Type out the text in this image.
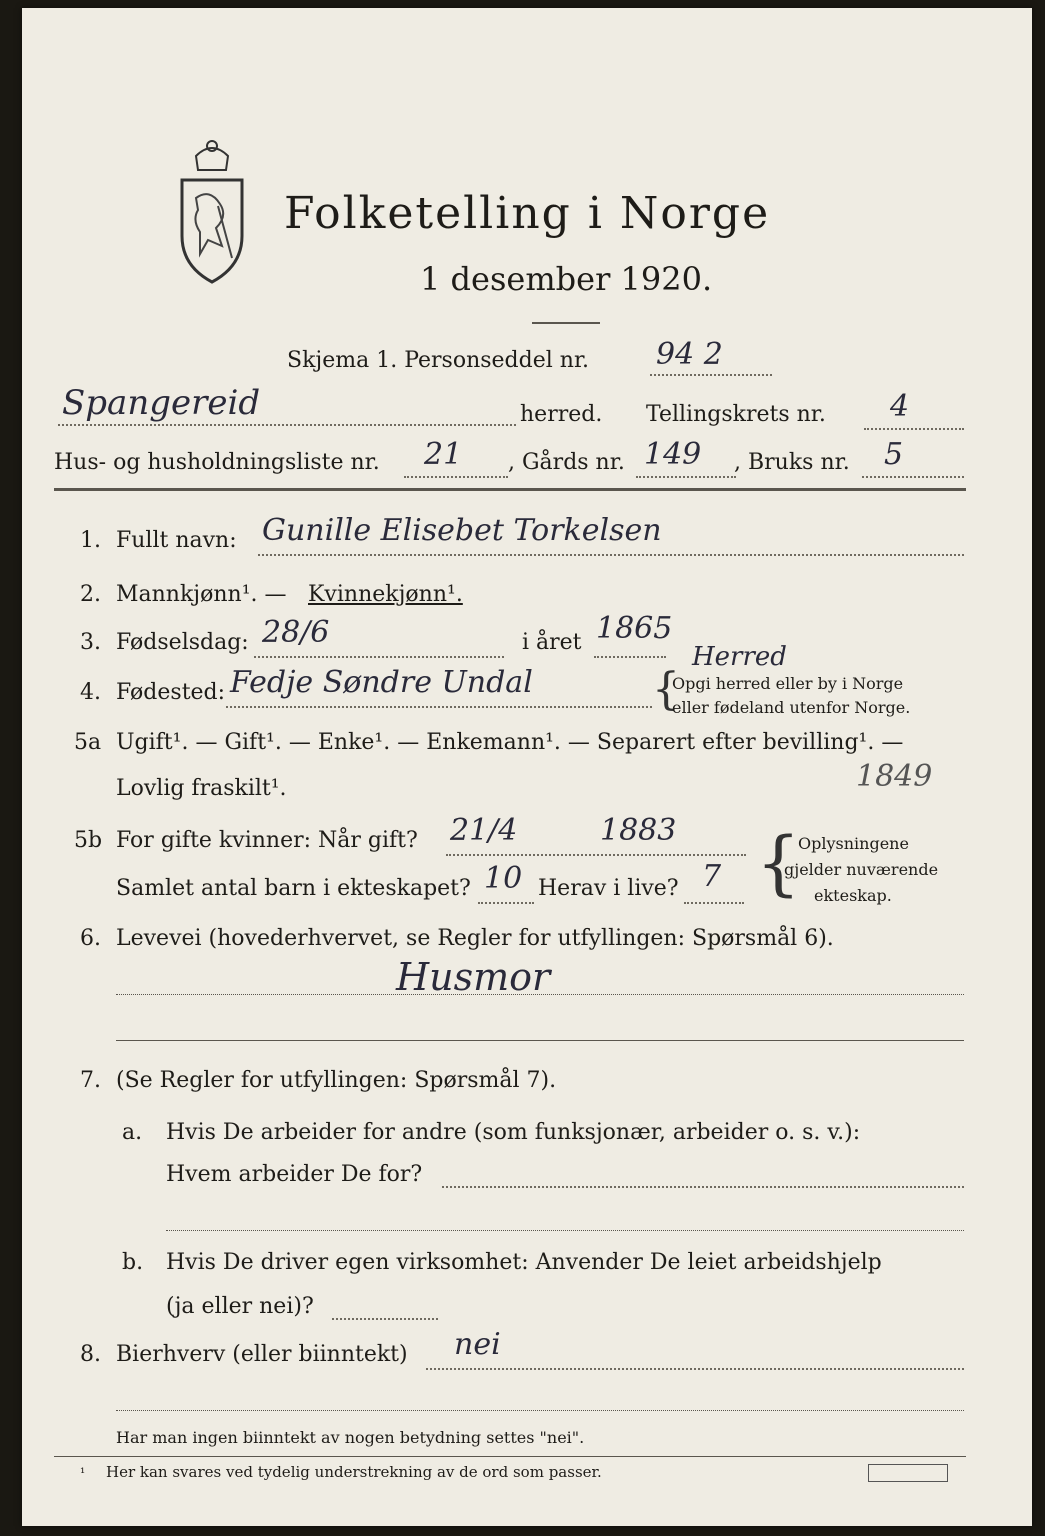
Folketelling i Norge
1 desember 1920.
Skjema 1. Personseddel nr. 94 2
Spangereid	herred. Tellingskrets nr. 4
Hus- og husholdningsliste nr. 21 , Gårds nr. 149 , Bruks nr. 5
1. Fullt navn: Gunille Elisebet Torkelsen
2. Mannkjønn¹. — Kvinnekjønn¹.
3. Fødselsdag: 28/6	i året 1865
4. Fødested: Fedje Søndre Undal
Herred
{
Opgi herred eller by i Norge
eller fødeland utenfor Norge.
5a Ugift¹. — Gift¹. — Enke¹. — Enkemann¹. — Separert efter bevilling¹. —
Lovlig fraskilt¹.	1849
5b For gifte kvinner: Når gift? 21/4	1883
Samlet antal barn i ekteskapet? 10 Herav i live? 7 {
Oplysningene
gjelder nuværende
ekteskap.
6. Levevei (hovederhvervet, se Regler for utfyllingen: Spørsmål 6).
Husmor
7. (Se Regler for utfyllingen: Spørsmål 7).
a. Hvis De arbeider for andre (som funksjonær, arbeider o. s. v.):
Hvem arbeider De for?
b. Hvis De driver egen virksomhet: Anvender De leiet arbeidshjelp
(ja eller nei)?
8. Bierhverv (eller biinntekt) nei
Har man ingen biinntekt av nogen betydning settes "nei".
¹ Her kan svares ved tydelig understrekning av de ord som passer.
